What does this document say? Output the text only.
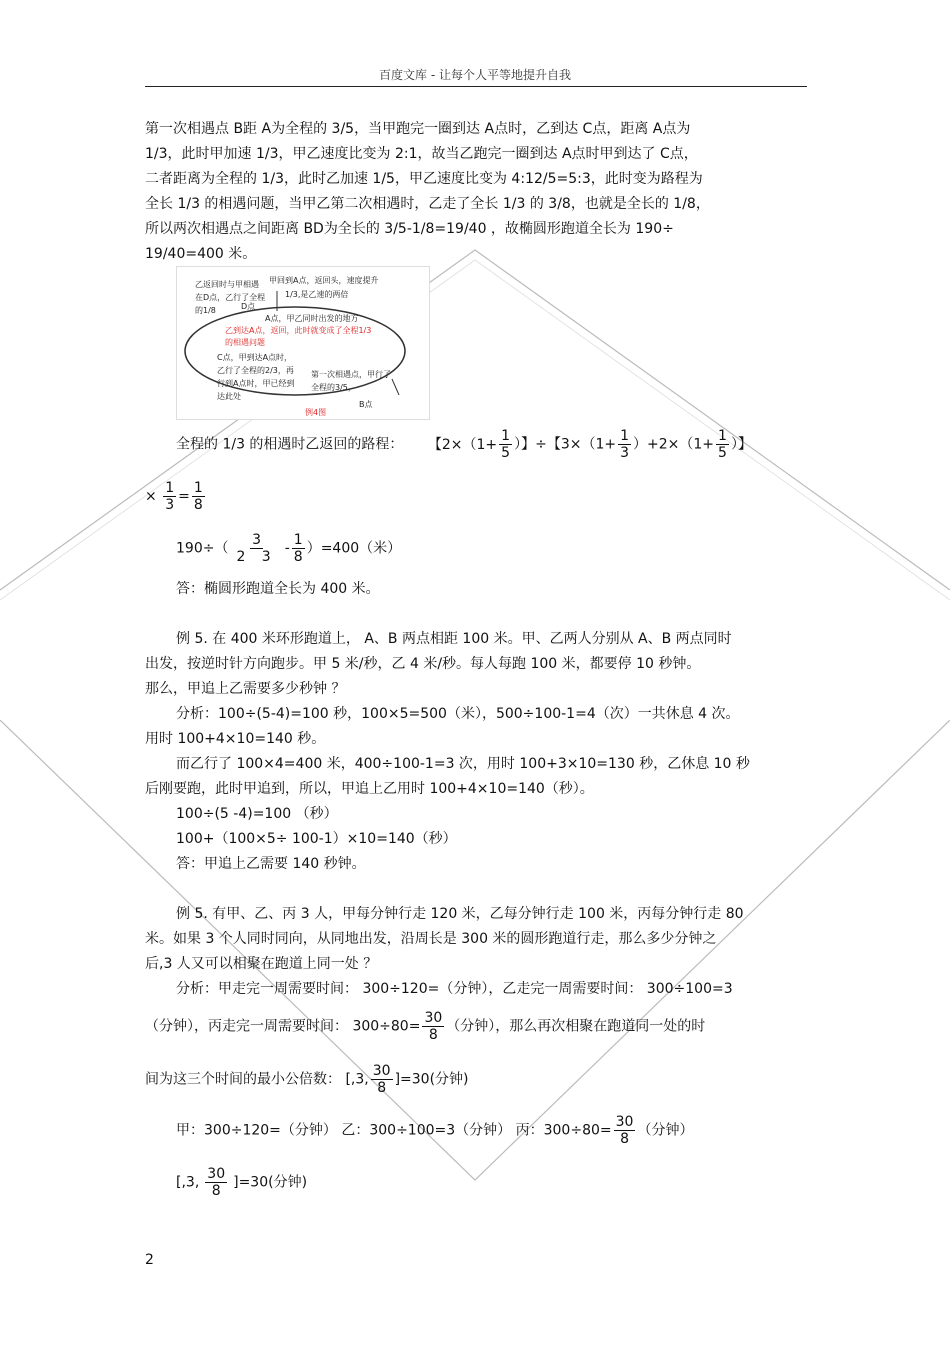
百度文库 - 让每个人平等地提升自我
第一次相遇点 B距 A为全程的 3/5，当甲跑完一圈到达 A点时，乙到达 C点，距离 A点为
1/3，此时甲加速 1/3，甲乙速度比变为 2:1，故当乙跑完一圈到达 A点时甲到达了 C点，
二者距离为全程的 1/3，此时乙加速 1/5，甲乙速度比变为 4:12/5=5:3，此时变为路程为
全长 1/3 的相遇问题，当甲乙第二次相遇时，乙走了全长 1/3 的 3/8，也就是全长的 1/8，
所以两次相遇点之间距离 BD为全长的 3/5-1/8=19/40 ，故椭圆形跑道全长为 190÷
19/40=400 米。
乙返回时与甲相遇
在D点，乙行了全程
的1/8	D点
甲回到A点，返回头，速度提升
1/3,是乙速的两倍
A点，甲乙同时出发的地方
乙到达A点，返回，此时就变成了全程1/3
的相遇问题
C点，甲到达A点时，
乙行了全程的2/3，再
行到A点时，甲已经到
达此处
第一次相遇点，甲行了
全程的3/5，
B点
例4图
全程的 1/3 的相遇时乙返回的路程： 【$2\times(1+ \frac{1}{5}$ ）】÷【$3\times(1+ \frac{1}{3} )+2\times(1+ \frac{1}{5}$ ）】
× $\frac{1}{3} = \frac{1}{8}$
$190\div( \frac{3}{2 3} - \frac{1}{8} )=400$（米）
答：椭圆形跑道全长为 400 米。
例 5. 在 400 米环形跑道上， A、B 两点相距 100 米。甲、乙两人分别从 A、B 两点同时
出发，按逆时针方向跑步。甲 5 米/秒，乙 4 米/秒。每人每跑 100 米，都要停 10 秒钟。
那么，甲追上乙需要多少秒钟 ？
分析：100÷(5-4)=100 秒，100×5=500（米），500÷100-1=4（次）一共休息 4 次。
用时 100+4×10=140 秒。
而乙行了 100×4=400 米，400÷100-1=3 次，用时 100+3×10=130 秒，乙休息 10 秒
后刚要跑，此时甲追到，所以，甲追上乙用时 100+4×10=140（秒）。
100÷(5 -4)=100 （秒）
100+（100×5÷ 100-1）×10=140（秒）
答：甲追上乙需要 140 秒钟。
例 5. 有甲、乙、丙 3 人，甲每分钟行走 120 米，乙每分钟行走 100 米，丙每分钟行走 80
米。如果 3 个人同时同向，从同地出发，沿周长是 300 米的圆形跑道行走，那么多少分钟之
后,3 人又可以相聚在跑道上同一处 ？
分析：甲走完一周需要时间： 300÷120=（分钟），乙走完一周需要时间： 300÷100=3
（分钟），丙走完一周需要时间： $300\div 80= \frac{30}{8}$ （分钟），那么再次相聚在跑道同一处的时
间为这三个时间的最小公倍数： [,3, $\frac{30}{8} ]=30$(分钟)
甲：300÷120=（分钟） 乙：300÷100=3（分钟） 丙：$300\div 80= \frac{30}{8}$ （分钟）
[,3, $\frac{30}{8} ]=30$(分钟)
2
